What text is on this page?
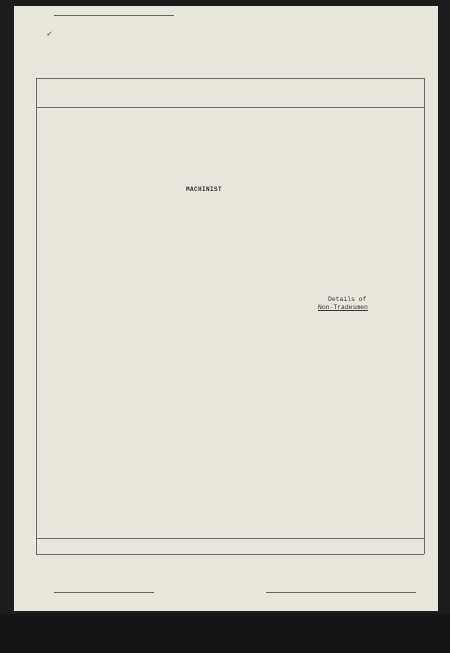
✓

MACHINIST
Details of
Non-Tradesmen
